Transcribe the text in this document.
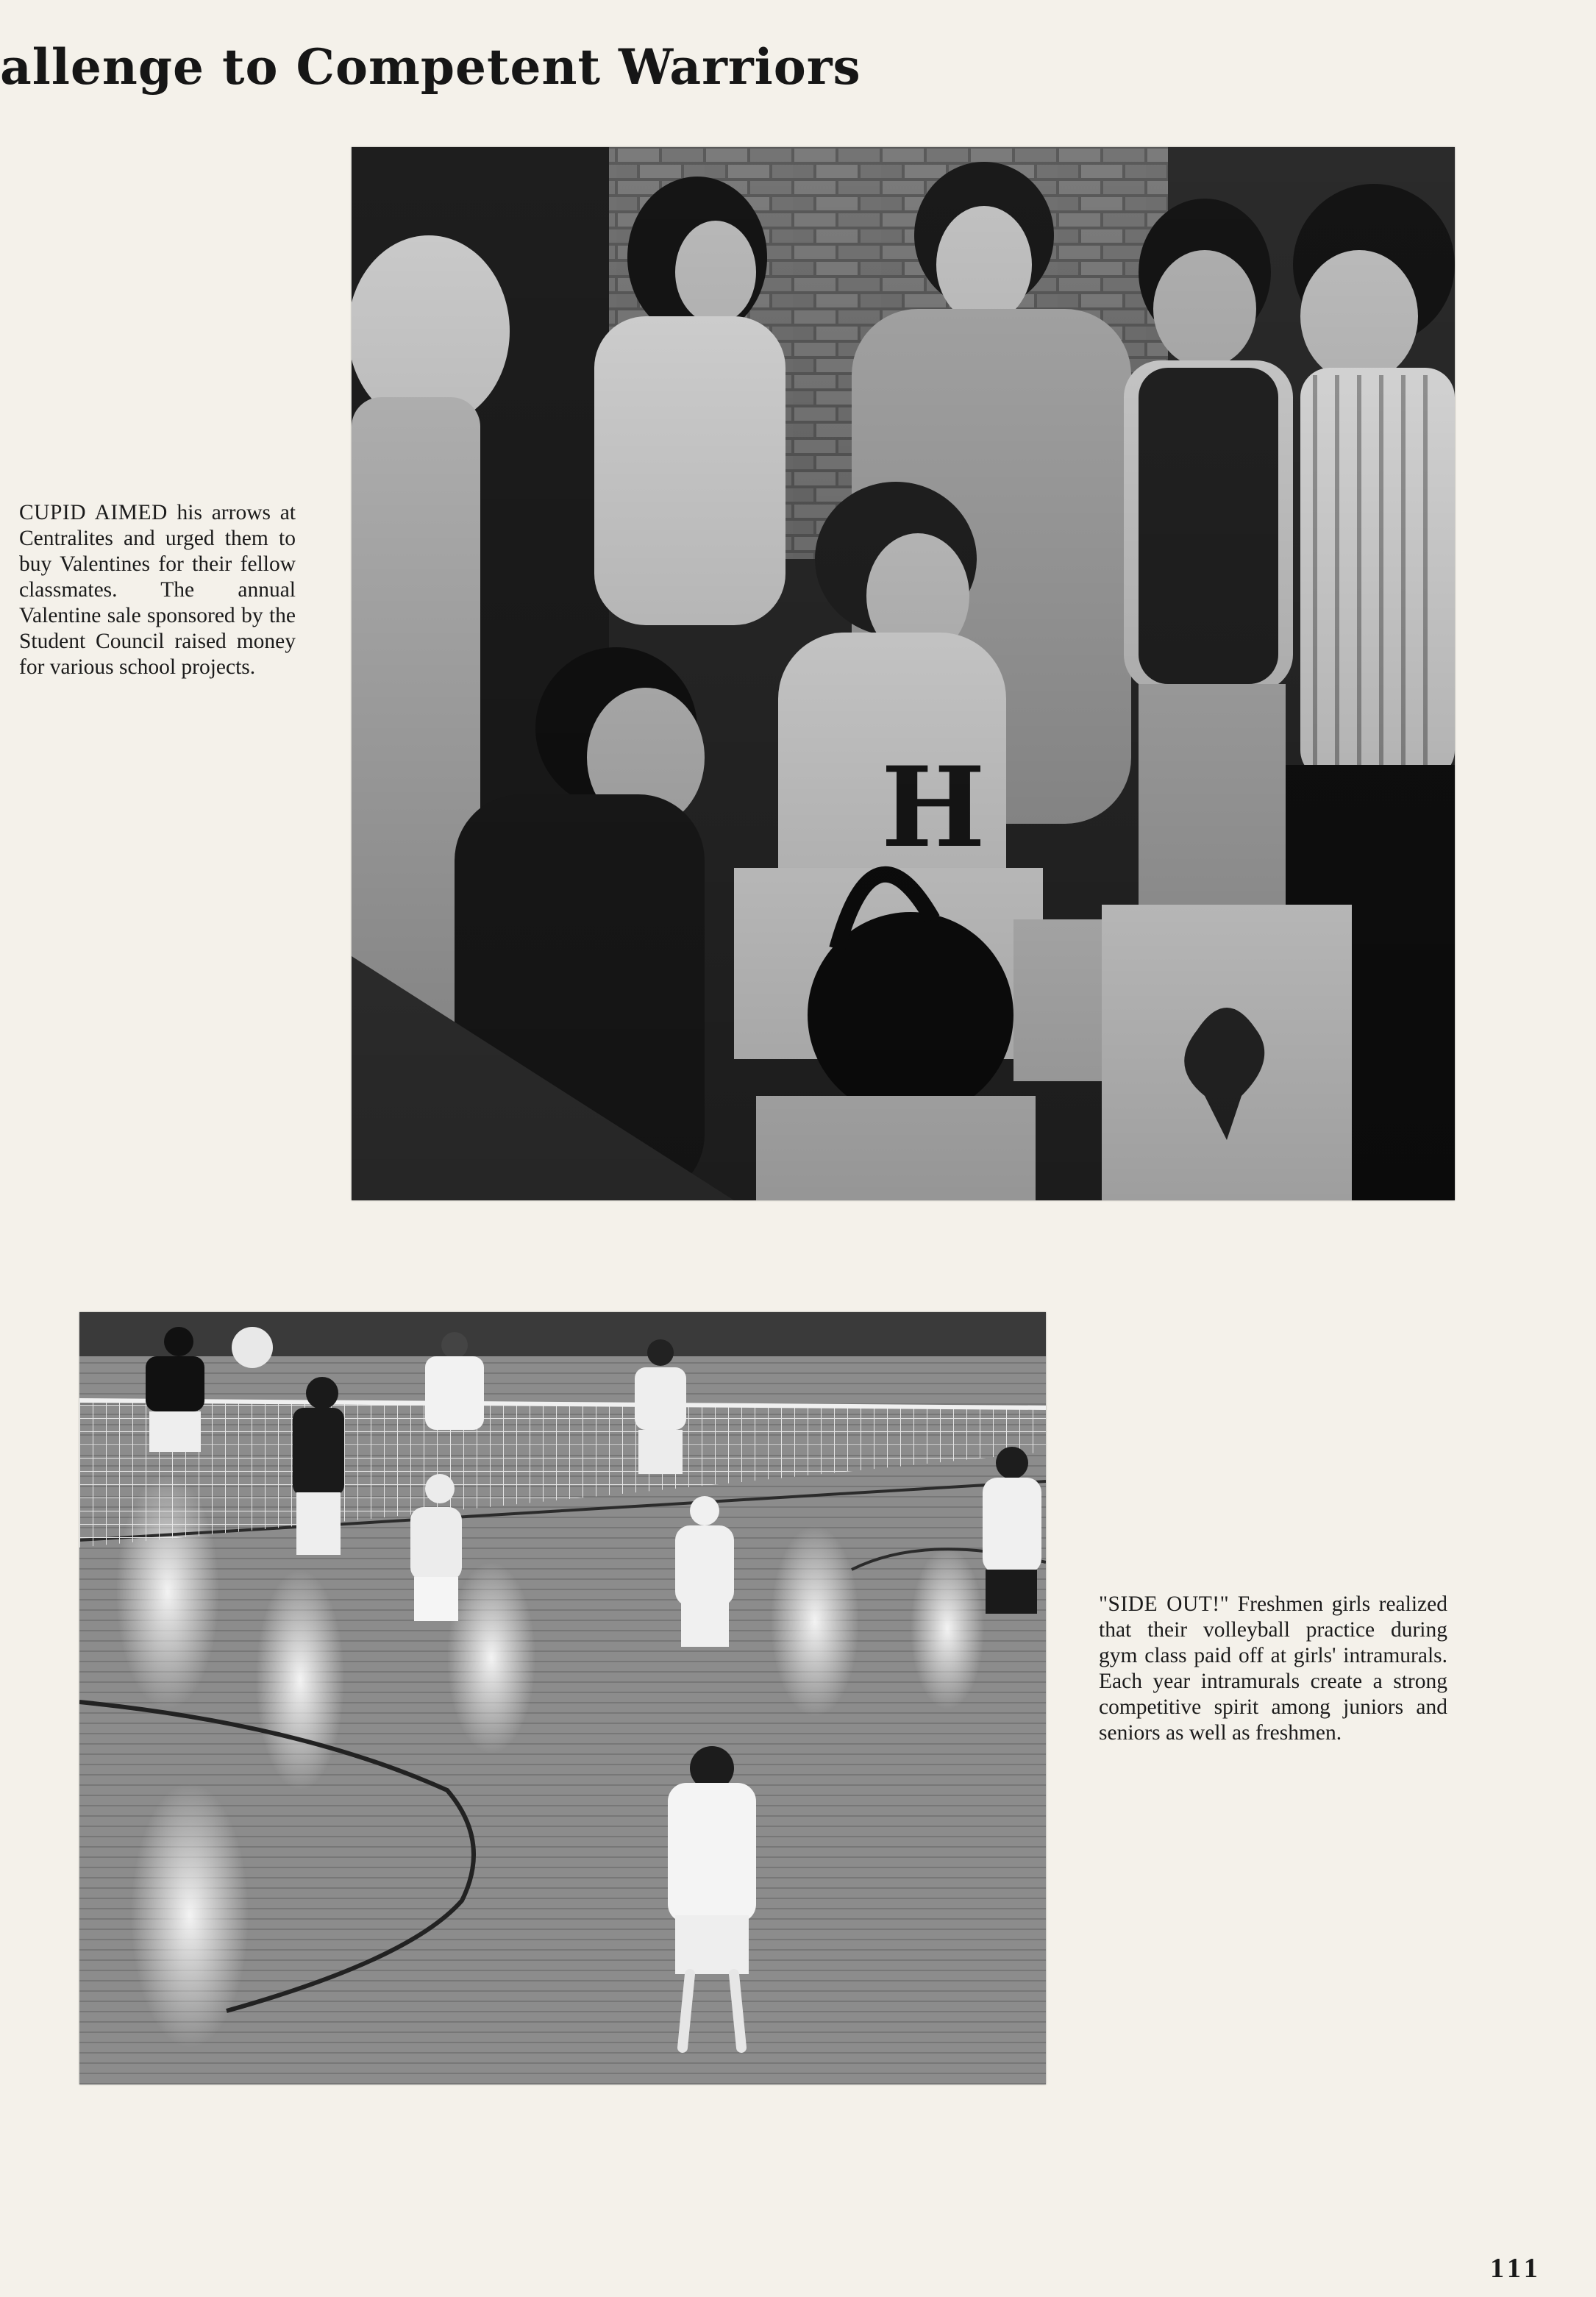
allenge to Competent Warriors

CUPID AIMED his arrows at Centralites and urged them to buy Valentines for their fellow classmates. The annual Valentine sale sponsored by the Student Council raised money for various school projects.

"SIDE OUT!" Freshmen girls realized that their volleyball practice during gym class paid off at girls' intramurals. Each year intramurals create a strong competitive spirit among juniors and seniors as well as freshmen.

111
